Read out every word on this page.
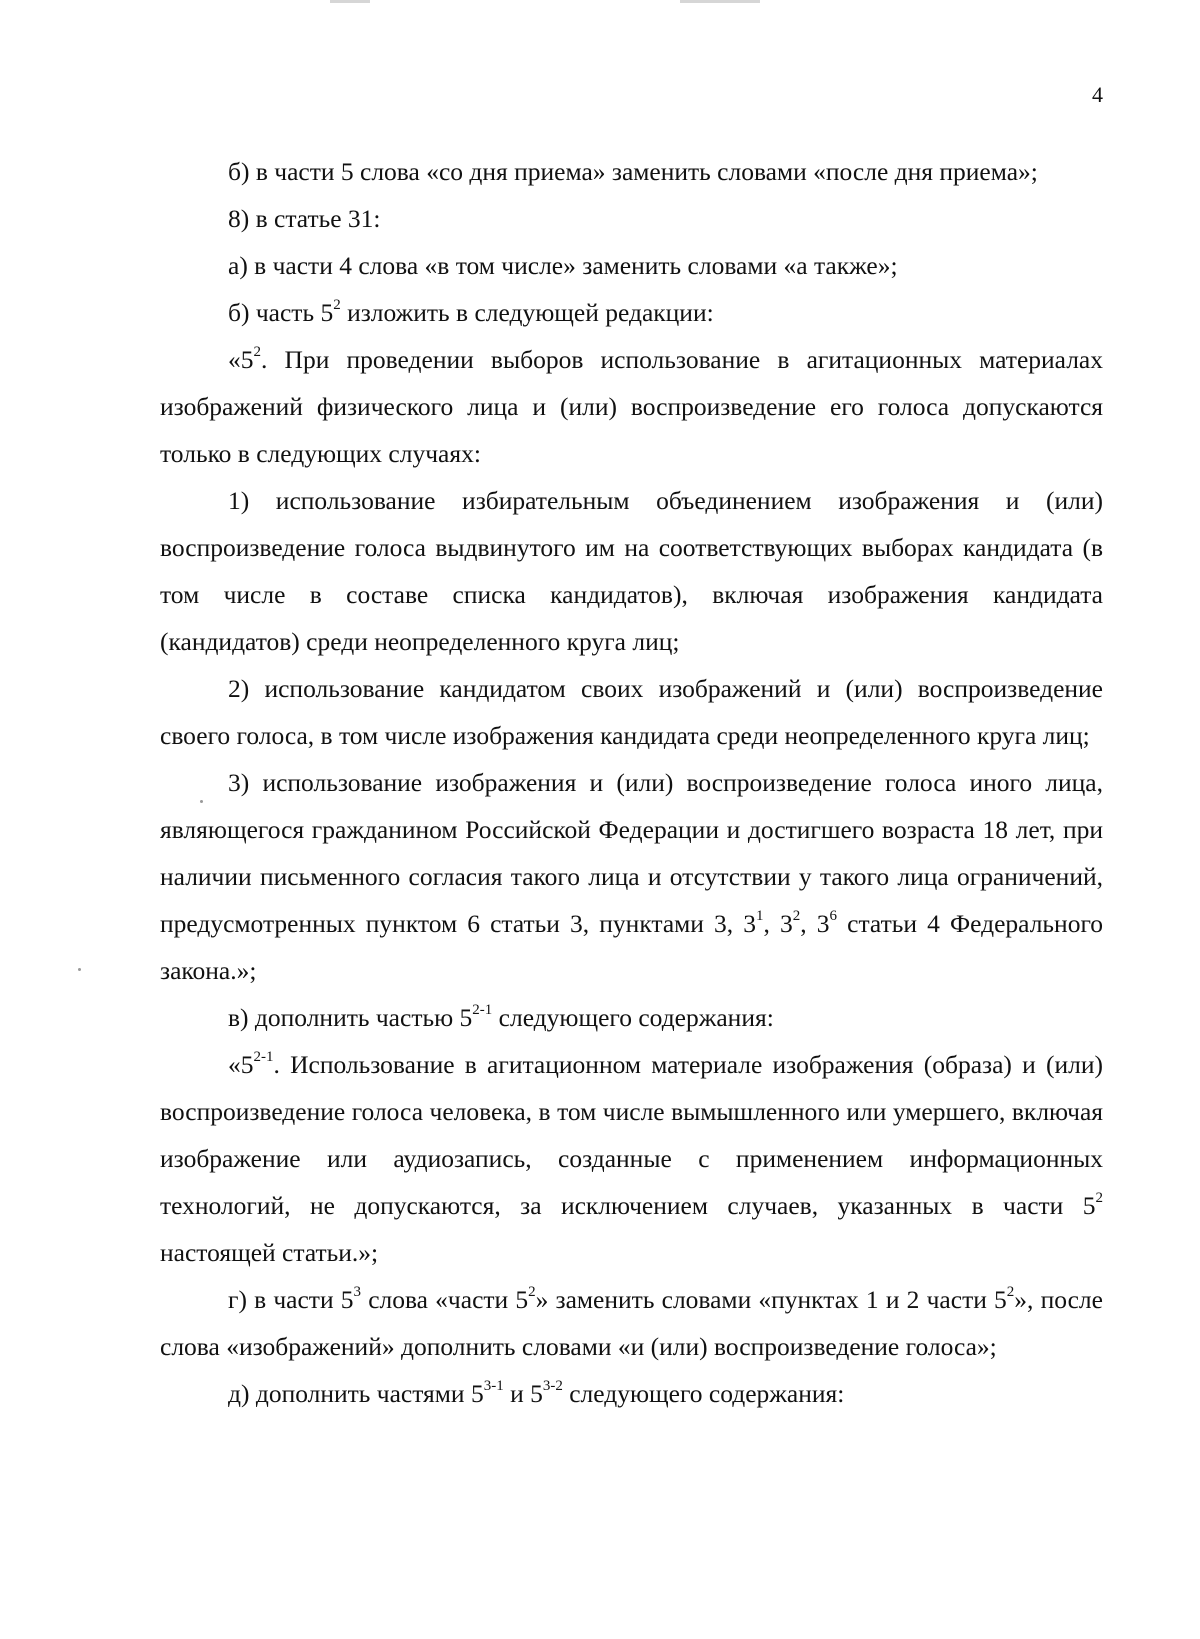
4

б) в части 5 слова «со дня приема» заменить словами «после дня приема»;

8) в статье 31:

а) в части 4 слова «в том числе» заменить словами «а также»;

б) часть $5^2$ изложить в следующей редакции:

«$5^2$. При проведении выборов использование в агитационных материалах изображений физического лица и (или) воспроизведение его голоса допускаются только в следующих случаях:

1) использование избирательным объединением изображения и (или) воспроизведение голоса выдвинутого им на соответствующих выборах кандидата (в том числе в составе списка кандидатов), включая изображения кандидата (кандидатов) среди неопределенного круга лиц;

2) использование кандидатом своих изображений и (или) воспроизведение своего голоса, в том числе изображения кандидата среди неопределенного круга лиц;

3) использование изображения и (или) воспроизведение голоса иного лица, являющегося гражданином Российской Федерации и достигшего возраста 18 лет, при наличии письменного согласия такого лица и отсутствии у такого лица ограничений, предусмотренных пунктом 6 статьи 3, пунктами 3, $3^1$, $3^2$, $3^6$ статьи 4 Федерального закона.»;

в) дополнить частью 5$^{2-1}$ следующего содержания:

«5$^{2-1}$. Использование в агитационном материале изображения (образа) и (или) воспроизведение голоса человека, в том числе вымышленного или умершего, включая изображение или аудиозапись, созданные с применением информационных технологий, не допускаются, за исключением случаев, указанных в части $5^2$ настоящей статьи.»;

г) в части $5^3$ слова «части $5^2$» заменить словами «пунктах 1 и 2 части $5^2$», после слова «изображений» дополнить словами «и (или) воспроизведение голоса»;

д) дополнить частями 5$^{3-1}$ и 5$^{3-2}$ следующего содержания:
